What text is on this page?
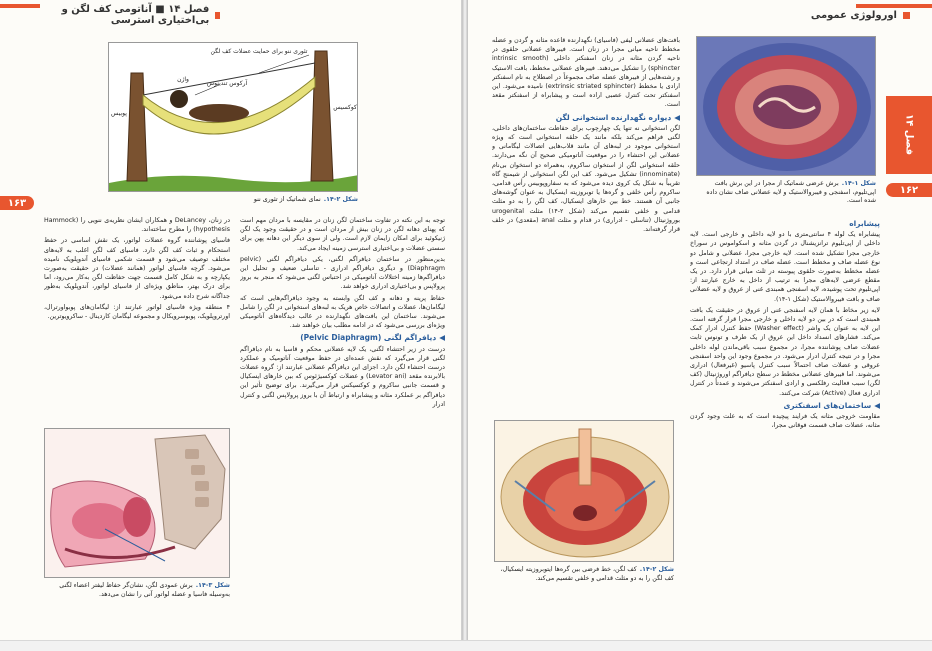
فصل ۱۴ ■ آناتومی کف لگن و بی‌اختیاری استرسی
۱۶۳
تئوری ننو برای حمایت عضلات کف لگن
آرکوس تندینوس
واژن
پوبیس
کوکسیس
شکل ۲-۱۴.نمای شماتیک از تئوری ننو

توجه به این نکته در تفاوت ساختمان لگن زنان در مقایسه با مردان مهم است که پهنای دهانه لگن در زنان بیش از مردان است و در حقیقت وجود یک لگن ژنیکوئید برای امکان زایمان لازم است. ولی از سوی دیگر این دهانه پهن برای سستی عضلات و بی‌اختیاری استرسی زمینه ایجاد می‌کند.

بدین‌منظور در ساختمان دیافراگم لگنی، یکی دیافراگم لگنی (pelvic Diaphragm) و دیگری دیافراگم ادراری - تناسلی ضعیف و تحلیل این دیافراگم‌ها زمینه اختلالات آناتومیکی در احتباس لگنی می‌شود که منجر به بروز پرولاپس و بی‌اختیاری ادراری خواهد شد.

حفاظ پرینه و دهانه و کف لگن وابسته به وجود دیافراگم‌هایی است که لیگامان‌ها، عضلات و اتصالات خاص هریک به لبه‌های استخوانی در لگن را شامل می‌شوند. ساختمان این بافت‌های نگهدارنده در غالب دیدگاه‌های آناتومیکی ویژه‌ای بررسی می‌شود که در ادامه مطلب بیان خواهند شد.

◀دیافراگم لگنی (Pelvic Diaphragm)

درست در زیر احتشاء لگنی، یک لایه عضلانی محکم و قاسیا به نام دیافراگم لگنی قرار می‌گیرد که نقش عمده‌ای در حفظ موقعیت آناتومیک و عملکرد درست احتشاء لگن دارد. اجزای این دیافراگم عضلانی عبارتند از: گروه عضلات بالابرنده مقعد (Levator ani) و عضلات کوکسیژئوس که بین خارهای ایسکیال و قسمت جانبی ساکروم و کوکسیکس قرار می‌گیرند. برای توضیح تأثیر این دیافراگم بر عملکرد مثانه و پیشابراه و ارتباط آن با بروز پرولاپس لگنی و کنترل ادرار

در زنان، DeLancey و همکاران ایشان نظریه‌ی ننویی را (Hammock hypothesis) را مطرح ساخته‌اند.

فاسیای پوشاننده گروه عضلات لواتور، یک نقش اساسی در حفظ استحکام و ثبات کف لگن دارد. فاسیای کف لگن اغلب به لایه‌های مختلف توصیف می‌شود و قسمت شکمی فاسیای آندوپلویک نامیده می‌شود. گرچه فاسیای لواتور (همانند عضلات) در حقیقت به‌صورت یکپارچه و به شکل کامل قسمت جهت حفاظت لگن به‌کار می‌رود، اما برای درک بهتر، مناطق ویژه‌ای از فاسیای لواتور، آندوپلویک به‌طور جداگانه شرح داده می‌شود.

۴ منطقه ویژه فاسیای لواتور عبارتند از: لیگامان‌های پوبواورترال، اورتروپلویک، پوبوسرویکال و مجموعه لیگامان کاردینال - ساکرویوترین.

شکل ۳-۱۴.برش عمودی لگن، نشان‌گر حفاظ لیفتر اعضاء لگنی به‌وسیله فاسیا و عضله لواتور آنی را نشان می‌دهد.
اورولوژی عمومی
فصل ۱۴
۱۶۲
شکل ۱-۱۴.برش عرضی شماتیک از مجرا در این برش بافت اپی‌تلیوم، اسفنجی و فیبروالاستیک و لایه عضلانی صاف نشان داده شده است.

بافت‌های عضلانی لیفی (فاسیای) نگهدارنده قاعده مثانه و گردن و عضله مخطط ناحیه میانی مجرا در زنان است. فیبرهای عضلانی حلقوی در ناحیه گردن مثانه در زنان اسفنکتر داخلی (intrinsic smooth sphincter) را تشکیل می‌دهند. فیبرهای عضلانی مخطط، بافت الاستیک و رشته‌هایی از فیبرهای عضله صاف مجموعاً در اصطلاح به نام اسفنکتر ارادی یا مخطط (extrinsic striated sphincter) نامیده می‌شود. این اسفنکتر تحت کنترل عصبی اراده است و پیشابراه از اسفنکتر مقعد است.

◀دیواره نگهدارنده استخوانی لگن

لگن استخوانی نه تنها یک چهارچوب برای حفاظت ساختمان‌های داخلی، لگنی فراهم می‌کند بلکه مانند یک حلقه استخوانی است که ویژه استخوانی موجود در لبه‌های آن مانند قلاب‌هایی اتصالات لیگامانی و عضلانی این احتشاء را در موقعیت آناتومیکی صحیح آن نگه می‌دارند. حلقه استخوانی لگن از استخوان ساکروم، به‌همراه دو استخوان بی‌نام (innominate) تشکیل می‌شود. کف این لگن استخوانی از شیمنج گاه تقریباً به شکل یک کروی دیده می‌شود که به سفاروپوبیس رأس قدامی، ساکروم رأس خلفی و گره‌ها یا توبروزیته ایسکیال به عنوان گوشه‌های جانبی آن هستند. خط بین خارهای ایسکیال، کف لگن را به دو مثلث قدامی و خلفی تقسیم می‌کند (شکل ۲-۱۴) مثلث urogenital بوروژنیتال (تناسلی - ادراری) در قدام و مثلث anal (مقعدی) در خلف قرار گرفته‌اند.

شکل ۲-۱۴.کف لگن، خط فرضی بین گره‌ها ایتوبروزیته ایسکیال، کف لگن را به دو مثلث قدامی و خلفی تقسیم می‌کند.
پیشابراه

پیشابراه یک لوله ۴ سانتی‌متری با دو لایه داخلی و خارجی است. لایه داخلی از اپی‌تلیوم ترانزیشنال در گردن مثانه و اسکواموس در سوراخ خارجی مجرا تشکیل شده است. لایه خارجی مجرا، عضلانی و شامل دو نوع عضله صاف و مخطط است. عضله صاف در امتداد ارتجاعی است و عضله مخطط به‌صورت حلقوی پیوسته در ثلث میانی قرار دارد. در یک مقطع عرضی لایه‌های مجرا به ترتیب از داخل به خارج عبارتند از: اپی‌تلیوم تحت پوشیده، لایه اسفنجی همبندی غنی از عروق و لایه عضلانی صاف و بافت فیبروالاستیک (شکل ۱-۱۴).

لایه زیر مخاط با همان لایه اسفنجی غنی از عروق در حقیقت یک بافت همبندی است که در بین دو لایه داخلی و خارجی مجرا قرار گرفته است. این لایه به عنوان یک واشر (Washer effect) حفظ کنترل ادرار کمک می‌کند. فشارهای انسداد داخل این عروق از یک طرف و تونوس ثابت عضلات صاف پوشاننده مجرا، در مجموع سبب باقی‌ماندن لوله داخلی مجرا و در نتیجه کنترل ادرار می‌شود. در مجموع وجود این واحد اسفنجی عروقی و عضلات صاف احتمالاً سبب کنترل پاسیو (غیرفعال) ادراری می‌شوند. اما فیبرهای عضلانی مخطط در سطح دیافراگم اوروژنیتال (کف لگن) سبب فعالیت رفلکسی و ارادی اسفنکتر می‌شوند و عمدتاً در کنترل ادراری فعال (Active) شرکت می‌کنند.

◀ساختمان‌های اسفنکتری

مقاومت خروجی مثانه یک فرایند پیچیده است که به علت وجود گردن مثانه، عضلات صاف قسمت فوقانی مجرا،
